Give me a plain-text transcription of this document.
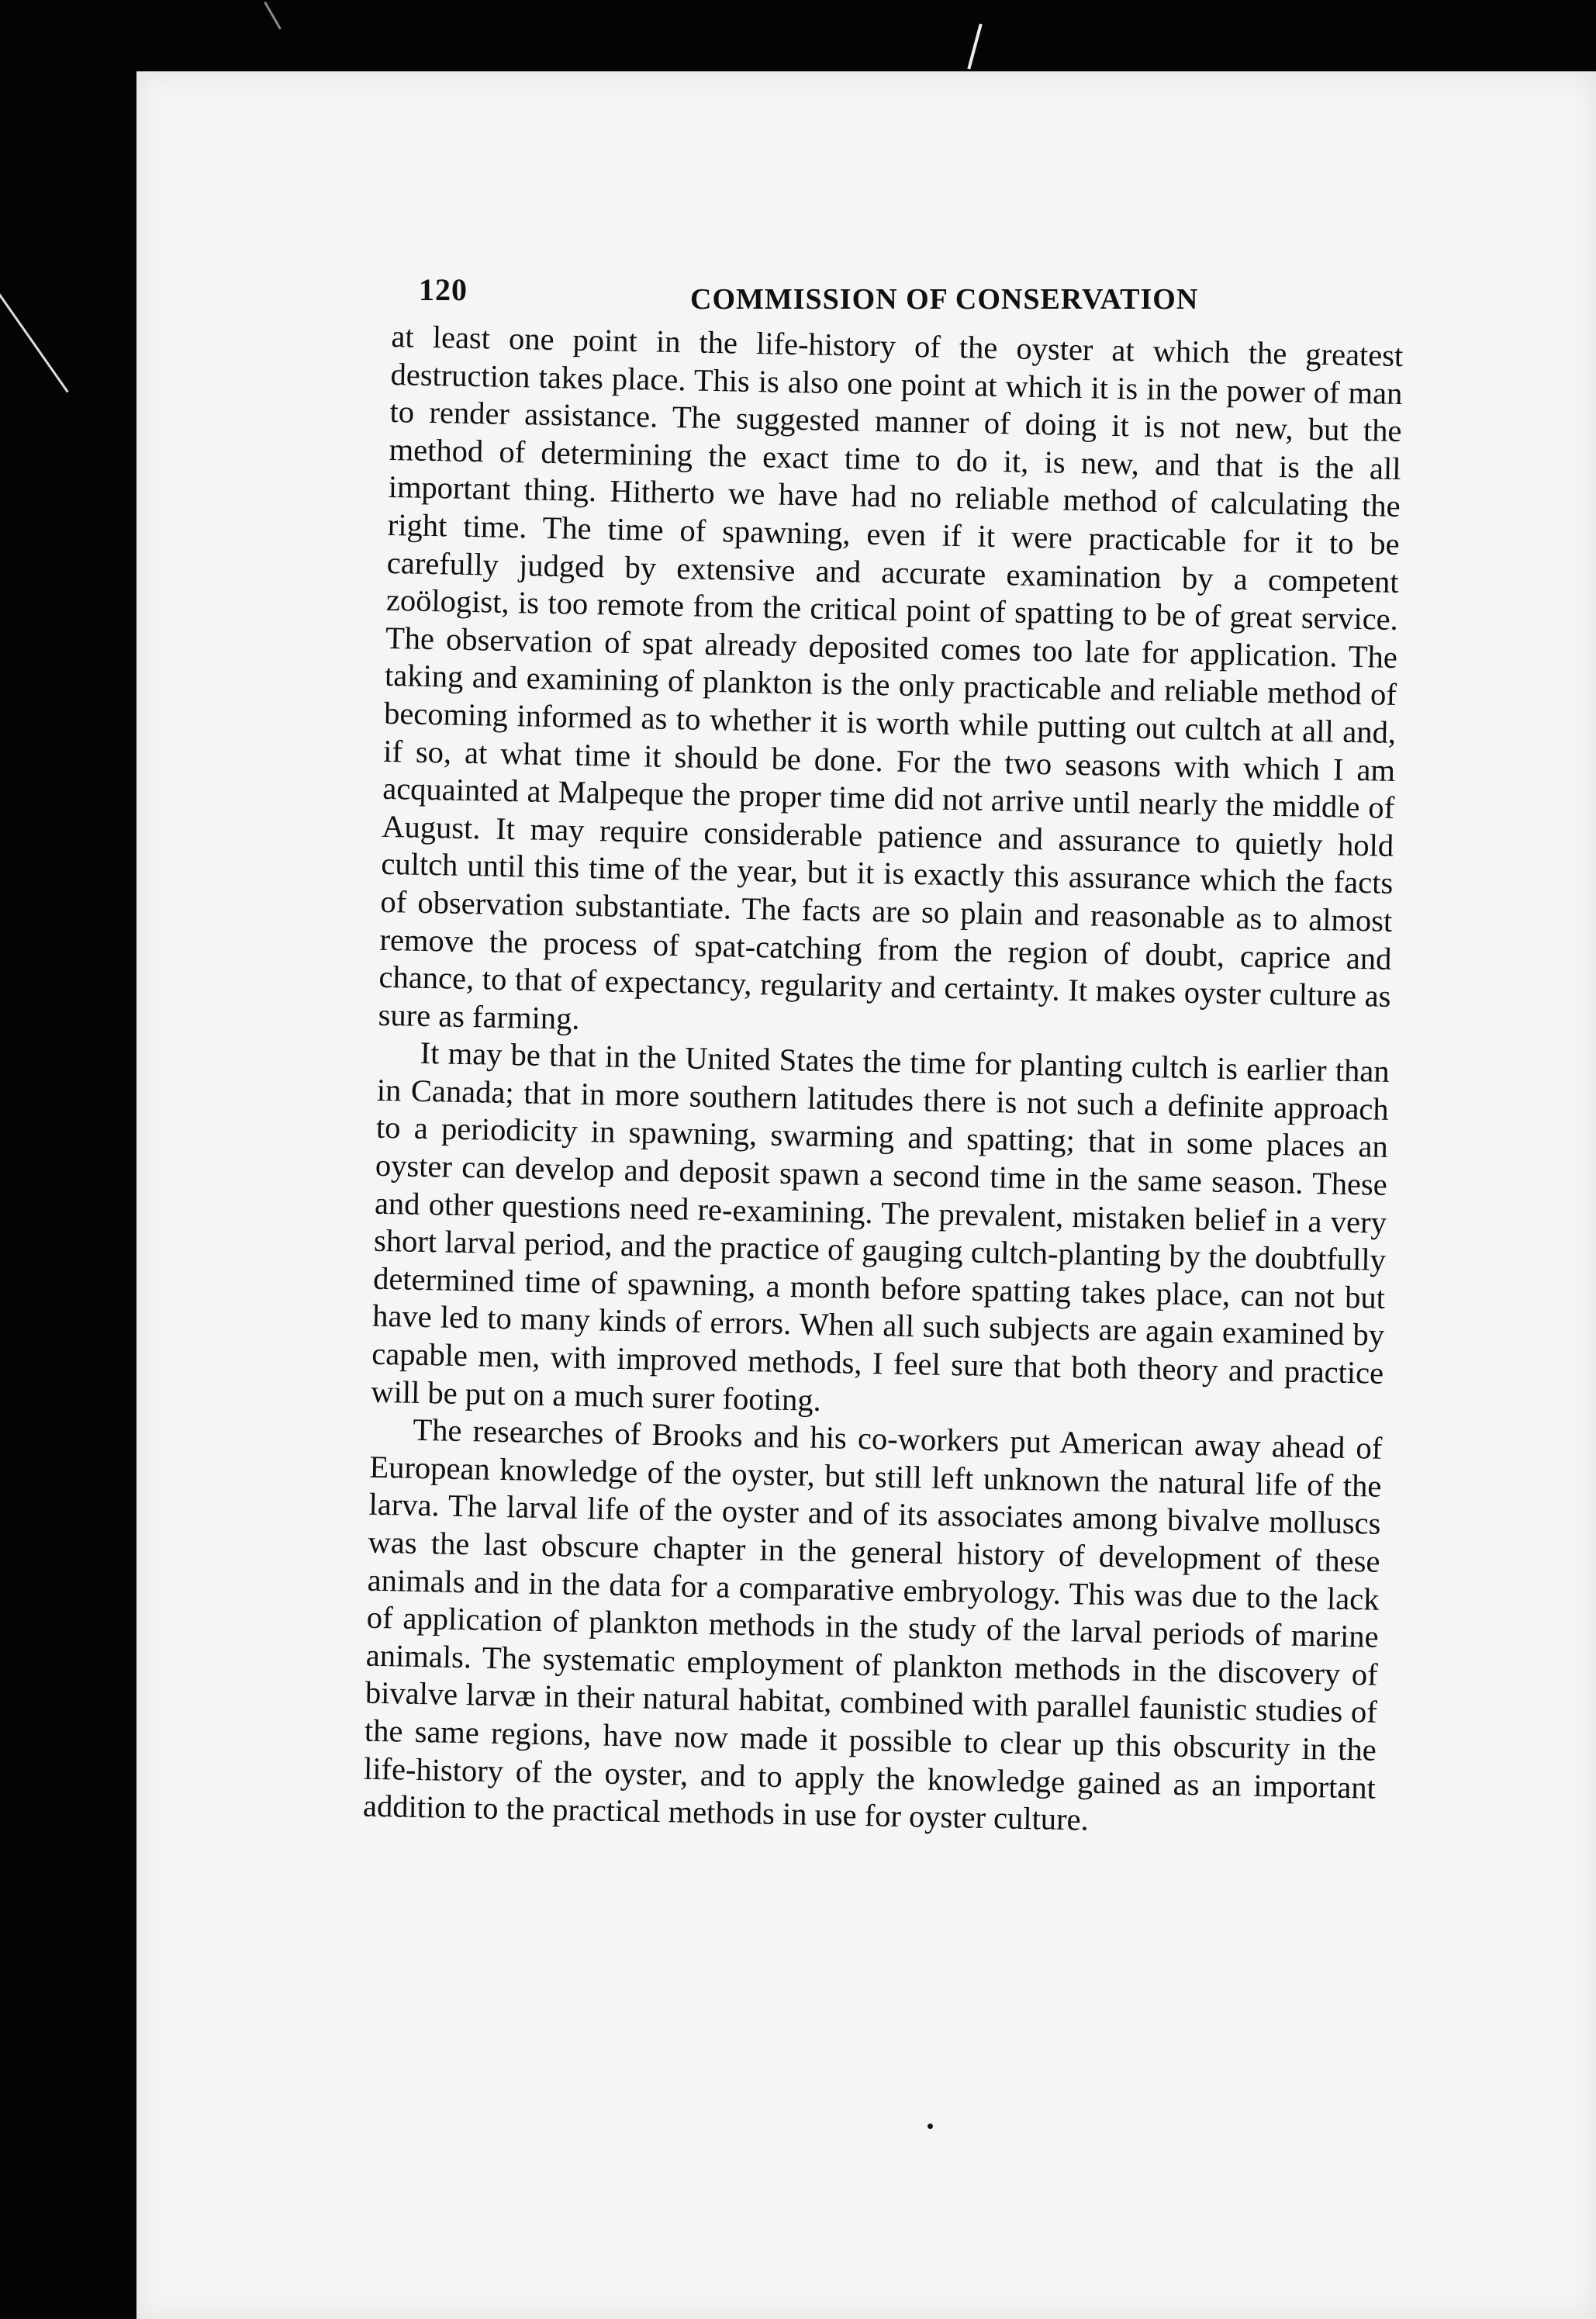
120	COMMISSION OF CONSERVATION

at least one point in the life-history of the oyster at which the greatest destruction takes place. This is also one point at which it is in the power of man to render assistance. The suggested manner of doing it is not new, but the method of determining the exact time to do it, is new, and that is the all important thing. Hitherto we have had no reliable method of calculating the right time. The time of spawning, even if it were practicable for it to be carefully judged by extensive and accurate examination by a competent zoölogist, is too remote from the critical point of spatting to be of great service. The observation of spat already deposited comes too late for application. The taking and examining of plankton is the only practicable and reliable method of becoming informed as to whether it is worth while putting out cultch at all and, if so, at what time it should be done. For the two seasons with which I am acquainted at Malpeque the proper time did not arrive until nearly the middle of August. It may require considerable patience and assurance to quietly hold cultch until this time of the year, but it is exactly this assurance which the facts of observation substantiate. The facts are so plain and reasonable as to almost remove the process of spat-catching from the region of doubt, caprice and chance, to that of expectancy, regularity and certainty. It makes oyster culture as sure as farming.

It may be that in the United States the time for planting cultch is earlier than in Canada; that in more southern latitudes there is not such a definite approach to a periodicity in spawning, swarming and spatting; that in some places an oyster can develop and deposit spawn a second time in the same season. These and other questions need re-examining. The prevalent, mistaken belief in a very short larval period, and the practice of gauging cultch-planting by the doubtfully determined time of spawning, a month before spatting takes place, can not but have led to many kinds of errors. When all such subjects are again examined by capable men, with improved methods, I feel sure that both theory and practice will be put on a much surer footing.

The researches of Brooks and his co-workers put American away ahead of European knowledge of the oyster, but still left unknown the natural life of the larva. The larval life of the oyster and of its associates among bivalve molluscs was the last obscure chapter in the general history of development of these animals and in the data for a comparative embryology. This was due to the lack of application of plankton methods in the study of the larval periods of marine animals. The systematic employment of plankton methods in the discovery of bivalve larvæ in their natural habitat, combined with parallel faunistic studies of the same regions, have now made it possible to clear up this obscurity in the life-history of the oyster, and to apply the knowledge gained as an important addition to the practical methods in use for oyster culture.
